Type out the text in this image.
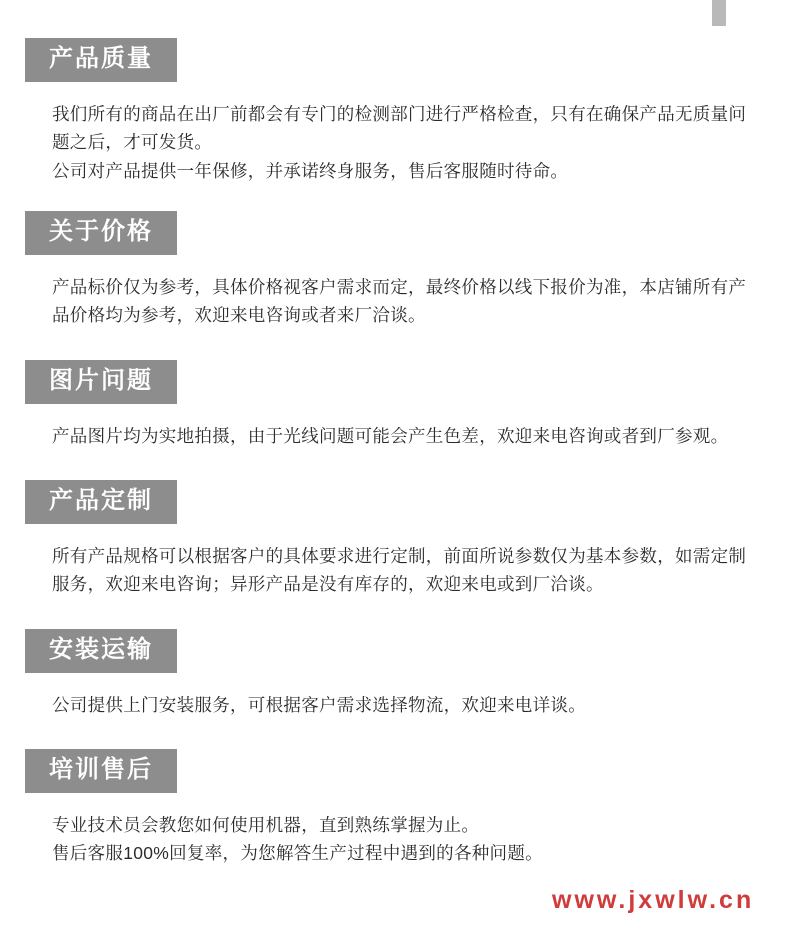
产品质量

我们所有的商品在出厂前都会有专门的检测部门进行严格检查，只有在确保产品无质量问题之后，才可发货。

公司对产品提供一年保修，并承诺终身服务，售后客服随时待命。

关于价格

产品标价仅为参考，具体价格视客户需求而定，最终价格以线下报价为准，本店铺所有产品价格均为参考，欢迎来电咨询或者来厂洽谈。

图片问题

产品图片均为实地拍摄，由于光线问题可能会产生色差，欢迎来电咨询或者到厂参观。

产品定制

所有产品规格可以根据客户的具体要求进行定制，前面所说参数仅为基本参数，如需定制服务，欢迎来电咨询；异形产品是没有库存的，欢迎来电或到厂洽谈。

安装运输

公司提供上门安装服务，可根据客户需求选择物流，欢迎来电详谈。

培训售后

专业技术员会教您如何使用机器，直到熟练掌握为止。

售后客服100%回复率，为您解答生产过程中遇到的各种问题。

www.jxwlw.cn
